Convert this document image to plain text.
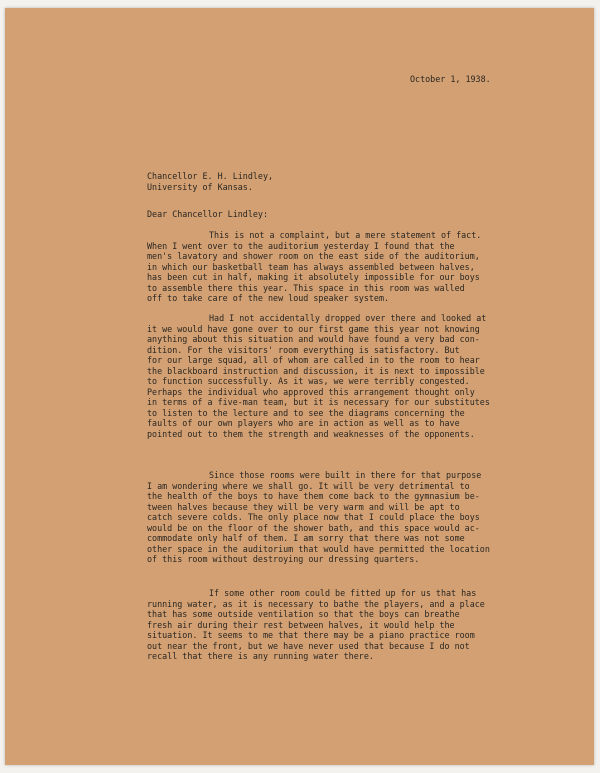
October 1, 1938.
Chancellor E. H. Lindley,
University of Kansas.
Dear Chancellor Lindley:
This is not a complaint, but a mere statement of fact.
When I went over to the auditorium yesterday I found that the
men's lavatory and shower room on the east side of the auditorium,
in which our basketball team has always assembled between halves,
has been cut in half, making it absolutely impossible for our boys
to assemble there this year. This space in this room was walled
off to take care of the new loud speaker system.
Had I not accidentally dropped over there and looked at
it we would have gone over to our first game this year not knowing
anything about this situation and would have found a very bad con-
dition. For the visitors' room everything is satisfactory. But
for our large squad, all of whom are called in to the room to hear
the blackboard instruction and discussion, it is next to impossible
to function successfully. As it was, we were terribly congested.
Perhaps the individual who approved this arrangement thought only
in terms of a five-man team, but it is necessary for our substitutes
to listen to the lecture and to see the diagrams concerning the
faults of our own players who are in action as well as to have
pointed out to them the strength and weaknesses of the opponents.
Since those rooms were built in there for that purpose
I am wondering where we shall go. It will be very detrimental to
the health of the boys to have them come back to the gymnasium be-
tween halves because they will be very warm and will be apt to
catch severe colds. The only place now that I could place the boys
would be on the floor of the shower bath, and this space would ac-
commodate only half of them. I am sorry that there was not some
other space in the auditorium that would have permitted the location
of this room without destroying our dressing quarters.
If some other room could be fitted up for us that has
running water, as it is necessary to bathe the players, and a place
that has some outside ventilation so that the boys can breathe
fresh air during their rest between halves, it would help the
situation. It seems to me that there may be a piano practice room
out near the front, but we have never used that because I do not
recall that there is any running water there.
